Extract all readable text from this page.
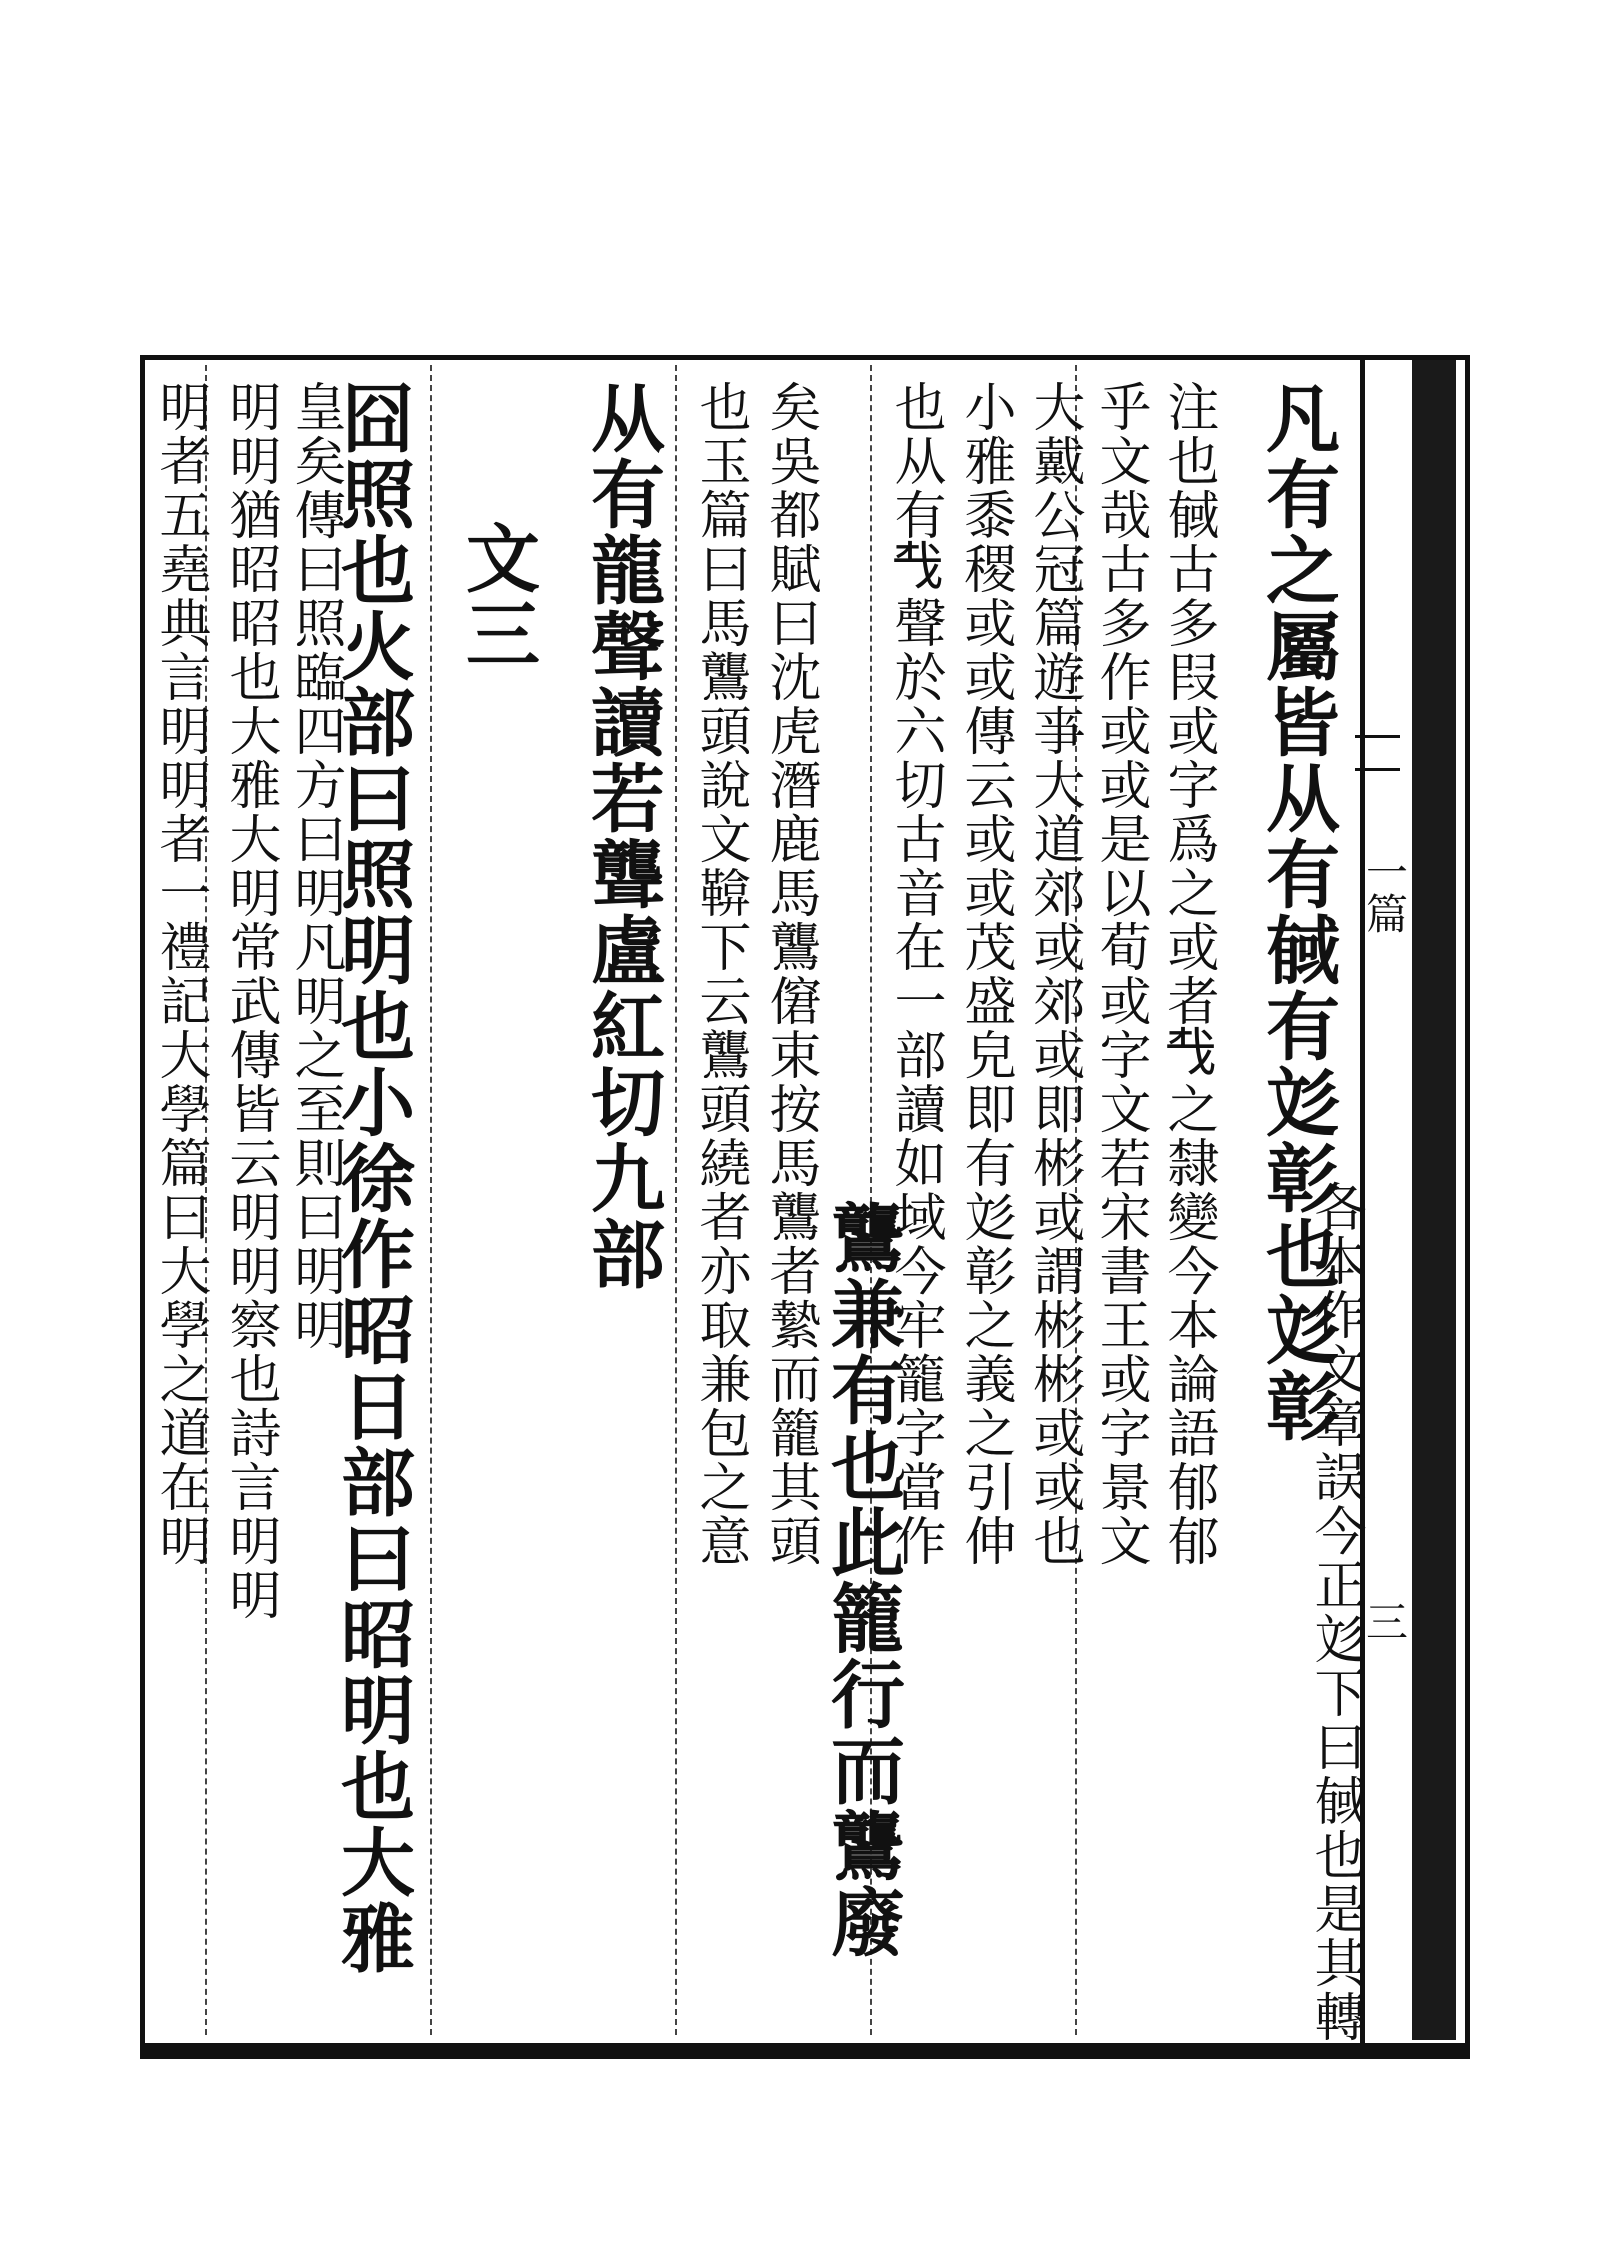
一篇
三
凡有之屬皆从有戫有彣彰也彣彰
各本作文章誤今正彣下曰戫也是其轉
注也戫古多叚或字爲之或者𢦔之隸變今本論語郁郁
乎文哉古多作或或是以荀或字文若宋書王或字景文
大戴公冠篇遊亊大道郊或郊或即彬或謂彬彬或或也
小雅黍稷或或傳云或或茂盛皃即有彣彰之義之引伸
也从有𢦔聲於六切古音在一部讀如域今牢籠字當作
鸗兼有也此籠行而鸗廢
矣吳都賦曰沈虎潛鹿馬鸗僒束按馬鸗者縶而籠其頭
也玉篇曰馬鸗頭說文鞥下云鸗頭繞者亦取兼包之意
从有龍聲讀若聾盧紅切九部
文三
囧照也火部曰照明也小徐作昭日部曰昭明也大雅
皇矣傳曰照臨四方曰明凡明之至則曰明明
明明猶昭昭也大雅大明常武傳皆云明明察也詩言明明
明者五堯典言明明者一禮記大學篇曰大學之道在明
